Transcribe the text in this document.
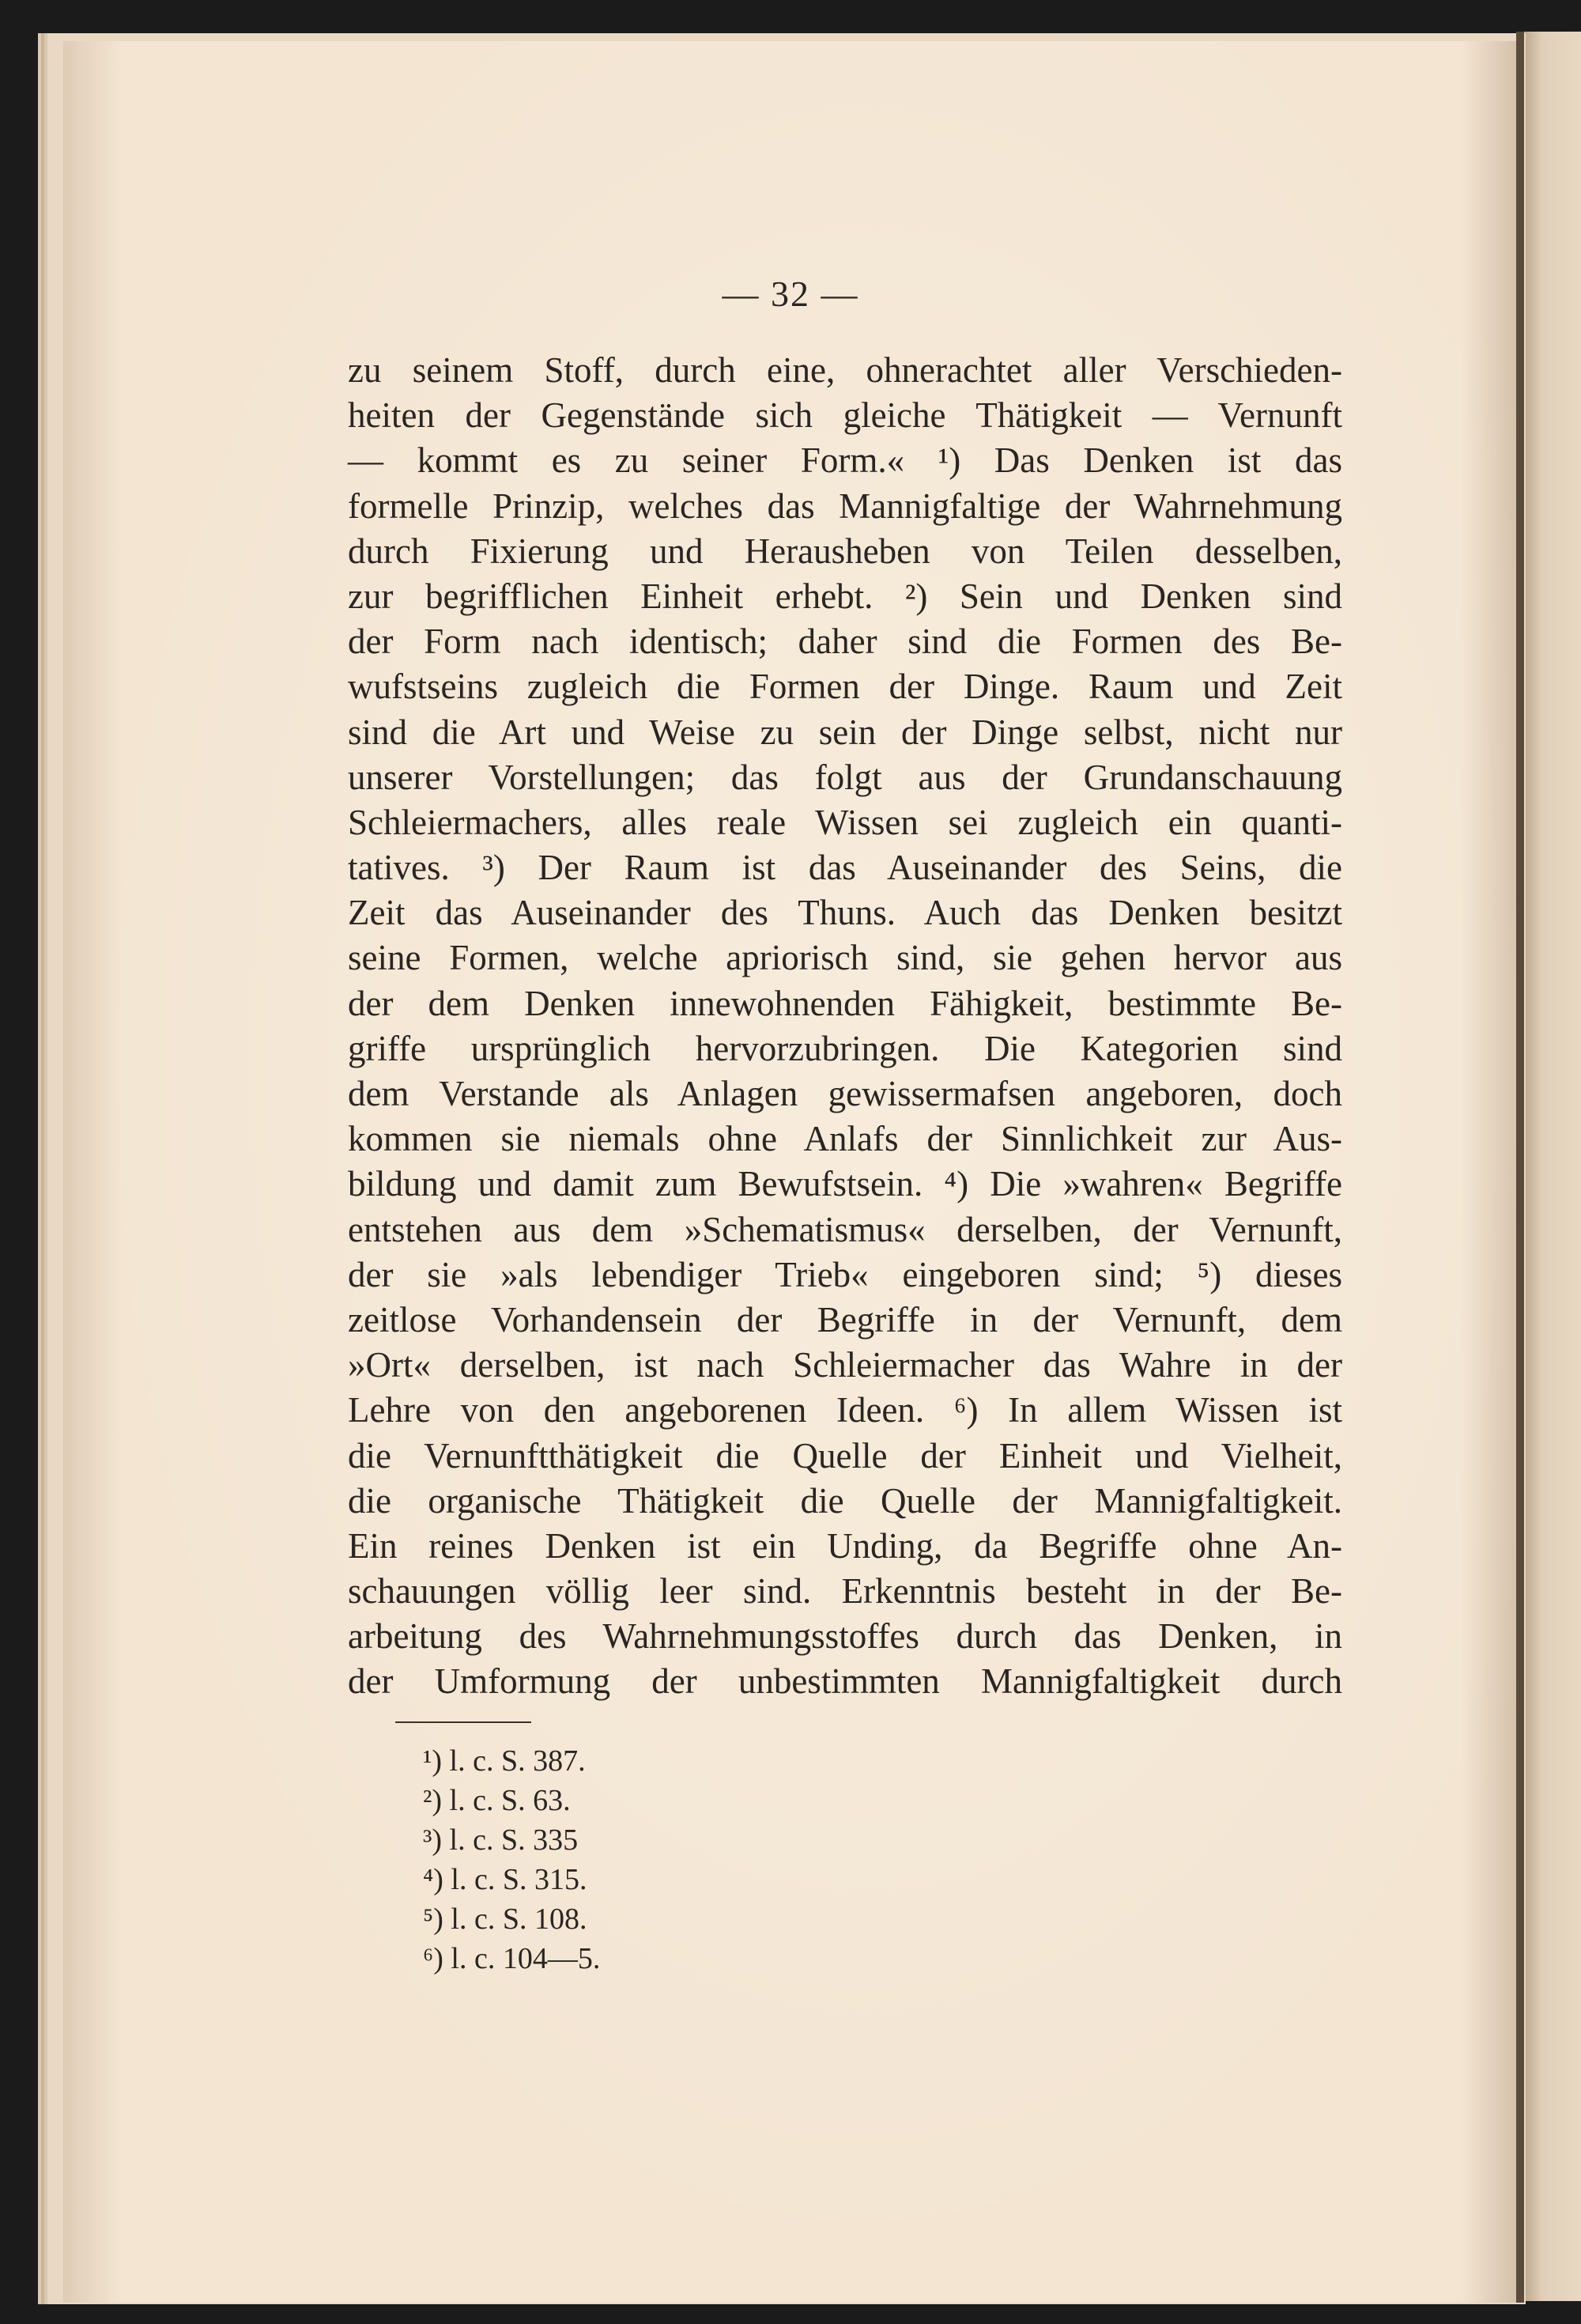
— 32 —
zu seinem Stoff, durch eine, ohnerachtet aller Verschieden-
heiten der Gegenstände sich gleiche Thätigkeit — Vernunft
— kommt es zu seiner Form.« ¹) Das Denken ist das
formelle Prinzip, welches das Mannigfaltige der Wahrnehmung
durch Fixierung und Herausheben von Teilen desselben,
zur begrifflichen Einheit erhebt. ²) Sein und Denken sind
der Form nach identisch; daher sind die Formen des Be-
wufstseins zugleich die Formen der Dinge. Raum und Zeit
sind die Art und Weise zu sein der Dinge selbst, nicht nur
unserer Vorstellungen; das folgt aus der Grundanschauung
Schleiermachers, alles reale Wissen sei zugleich ein quanti-
tatives. ³) Der Raum ist das Auseinander des Seins, die
Zeit das Auseinander des Thuns. Auch das Denken besitzt
seine Formen, welche apriorisch sind, sie gehen hervor aus
der dem Denken innewohnenden Fähigkeit, bestimmte Be-
griffe ursprünglich hervorzubringen. Die Kategorien sind
dem Verstande als Anlagen gewissermafsen angeboren, doch
kommen sie niemals ohne Anlafs der Sinnlichkeit zur Aus-
bildung und damit zum Bewufstsein. ⁴) Die »wahren« Begriffe
entstehen aus dem »Schematismus« derselben, der Vernunft,
der sie »als lebendiger Trieb« eingeboren sind; ⁵) dieses
zeitlose Vorhandensein der Begriffe in der Vernunft, dem
»Ort« derselben, ist nach Schleiermacher das Wahre in der
Lehre von den angeborenen Ideen. ⁶) In allem Wissen ist
die Vernunftthätigkeit die Quelle der Einheit und Vielheit,
die organische Thätigkeit die Quelle der Mannigfaltigkeit.
Ein reines Denken ist ein Unding, da Begriffe ohne An-
schauungen völlig leer sind. Erkenntnis besteht in der Be-
arbeitung des Wahrnehmungsstoffes durch das Denken, in
der Umformung der unbestimmten Mannigfaltigkeit durch
¹) l. c. S. 387.
²) l. c. S. 63.
³) l. c. S. 335
⁴) l. c. S. 315.
⁵) l. c. S. 108.
⁶) l. c. 104—5.
